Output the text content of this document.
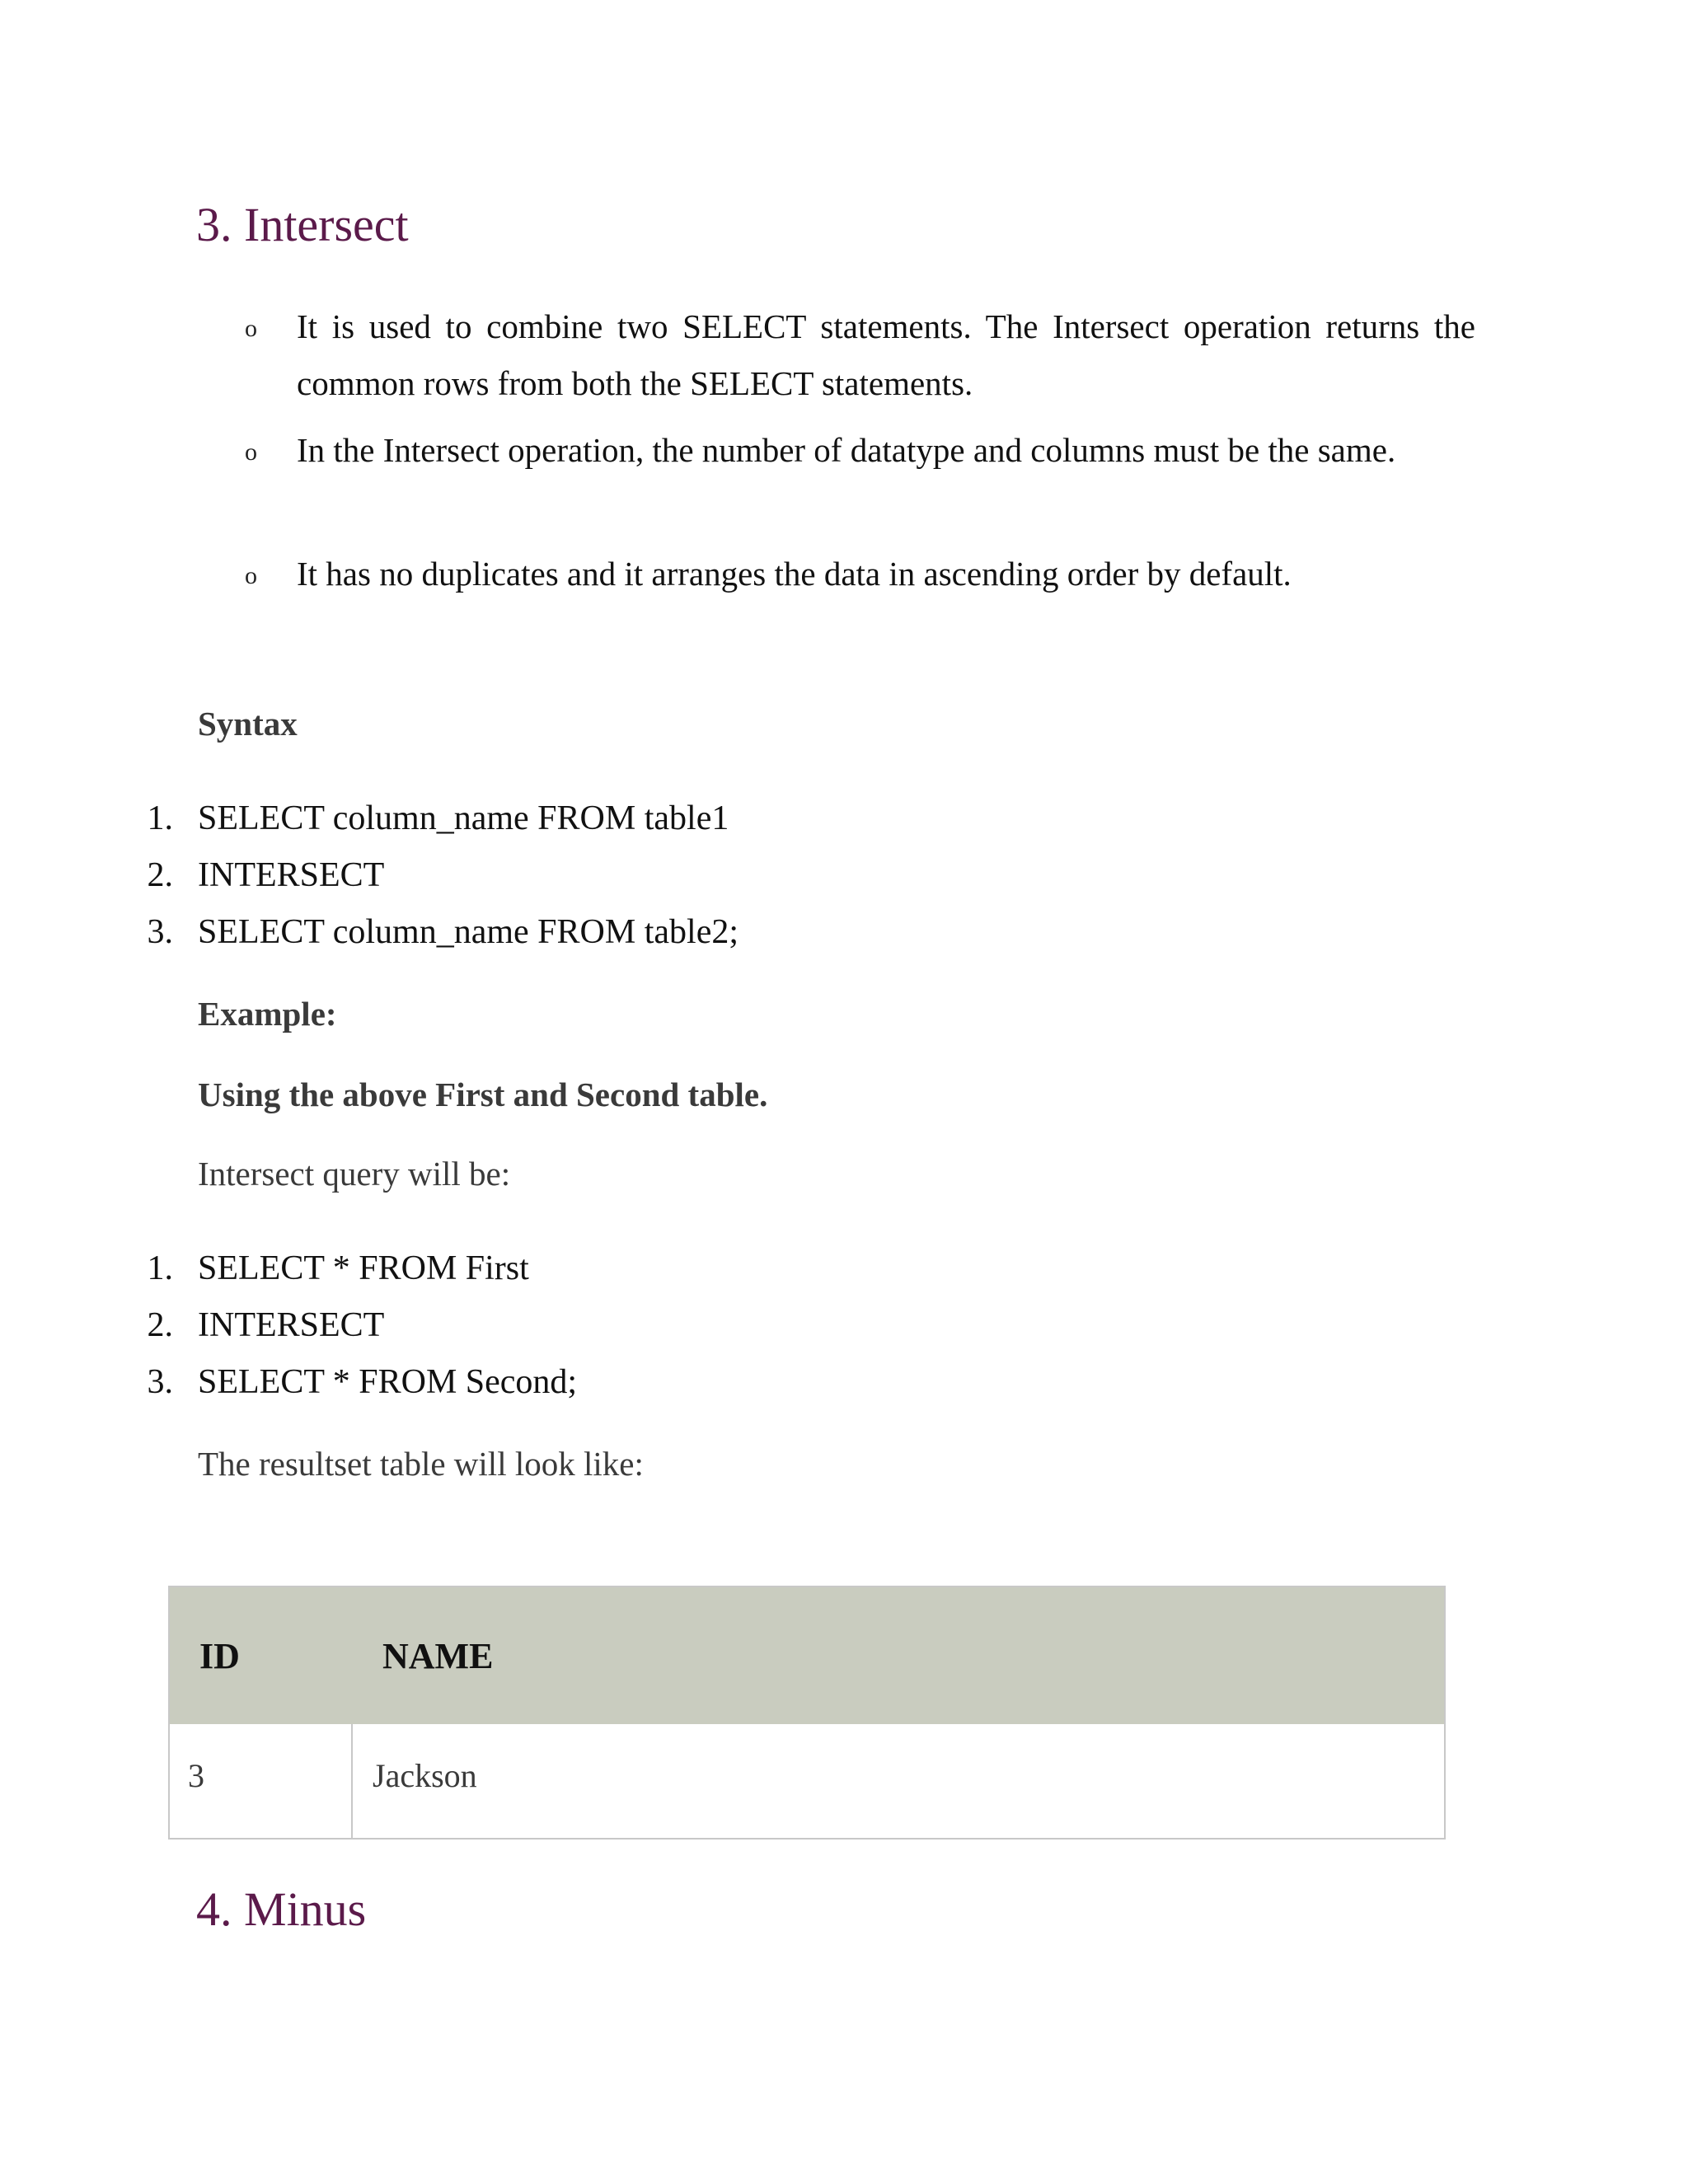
3. Intersect
o It is used to combine two SELECT statements. The Intersect operation returns the common rows from both the SELECT statements.
o In the Intersect operation, the number of datatype and columns must be the same.
o It has no duplicates and it arranges the data in ascending order by default.
Syntax
1. SELECT column_name FROM table1
2. INTERSECT
3. SELECT column_name FROM table2;
Example:
Using the above First and Second table.
Intersect query will be:
1. SELECT * FROM First
2. INTERSECT
3. SELECT * FROM Second;
The resultset table will look like:
ID	NAME
3	Jackson
4. Minus
